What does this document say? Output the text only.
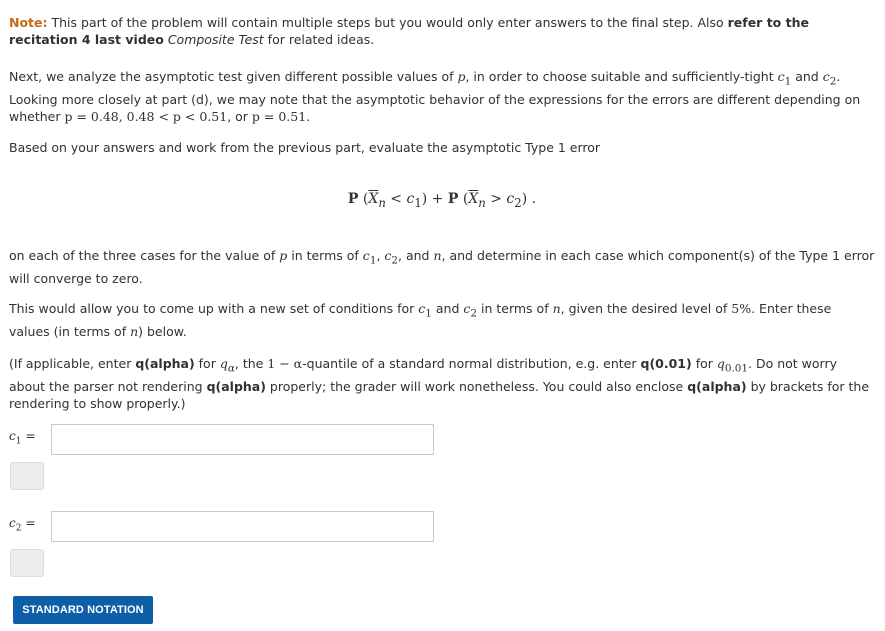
Note: This part of the problem will contain multiple steps but you would only enter answers to the final step. Also refer to the recitation 4 last video Composite Test for related ideas.

Next, we analyze the asymptotic test given different possible values of p, in order to choose suitable and sufficiently-tight $c_1$ and $c_2$. Looking more closely at part (d), we may note that the asymptotic behavior of the expressions for the errors are different depending on whether p = 0.48, 0.48 < p < 0.51, or p = 0.51.

Based on your answers and work from the previous part, evaluate the asymptotic Type 1 error

P $(\overline{X}_n < c_1) + P$ $(\overline{X}_n > c_2)$ .

on each of the three cases for the value of p in terms of $c_1$, $c_2$, and n, and determine in each case which component(s) of the Type 1 error will converge to zero.

This would allow you to come up with a new set of conditions for $c_1$ and $c_2$ in terms of n, given the desired level of 5%. Enter these values (in terms of n) below.

(If applicable, enter q(alpha) for $q_\alpha$, the 1 − α-quantile of a standard normal distribution, e.g. enter q(0.01) for $q_{0.01}$. Do not worry about the parser not rendering q(alpha) properly; the grader will work nonetheless. You could also enclose q(alpha) by brackets for the rendering to show properly.)

$c_1$ =
$c_2$ =
STANDARD NOTATION
